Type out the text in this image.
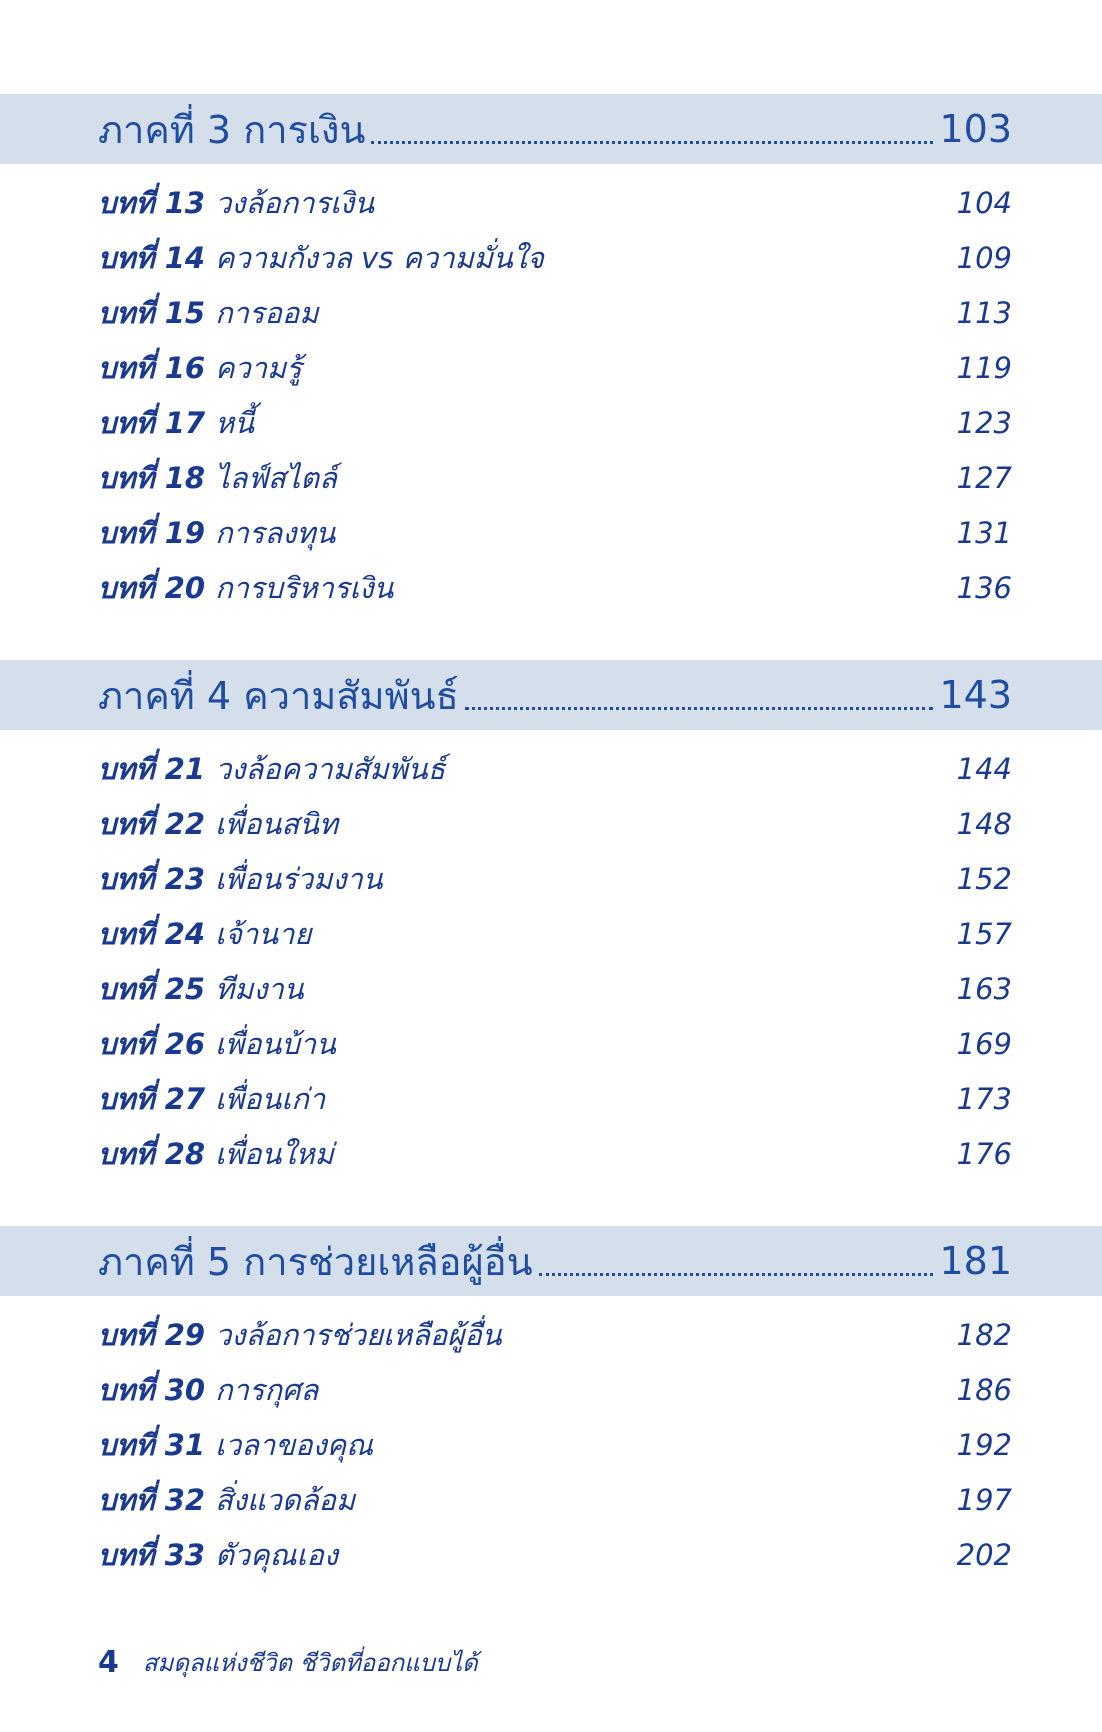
ภาคที่ 3 การเงิน	103
บทที่ 13 วงล้อการเงิน	104
บทที่ 14 ความกังวล vs ความมั่นใจ	109
บทที่ 15 การออม	113
บทที่ 16 ความรู้	119
บทที่ 17 หนี้	123
บทที่ 18 ไลฟ์สไตล์	127
บทที่ 19 การลงทุน	131
บทที่ 20 การบริหารเงิน	136
ภาคที่ 4 ความสัมพันธ์	143
บทที่ 21 วงล้อความสัมพันธ์	144
บทที่ 22 เพื่อนสนิท	148
บทที่ 23 เพื่อนร่วมงาน	152
บทที่ 24 เจ้านาย	157
บทที่ 25 ทีมงาน	163
บทที่ 26 เพื่อนบ้าน	169
บทที่ 27 เพื่อนเก่า	173
บทที่ 28 เพื่อนใหม่	176
ภาคที่ 5 การช่วยเหลือผู้อื่น	181
บทที่ 29 วงล้อการช่วยเหลือผู้อื่น	182
บทที่ 30 การกุศล	186
บทที่ 31 เวลาของคุณ	192
บทที่ 32 สิ่งแวดล้อม	197
บทที่ 33 ตัวคุณเอง	202
4 สมดุลแห่งชีวิต ชีวิตที่ออกแบบได้
